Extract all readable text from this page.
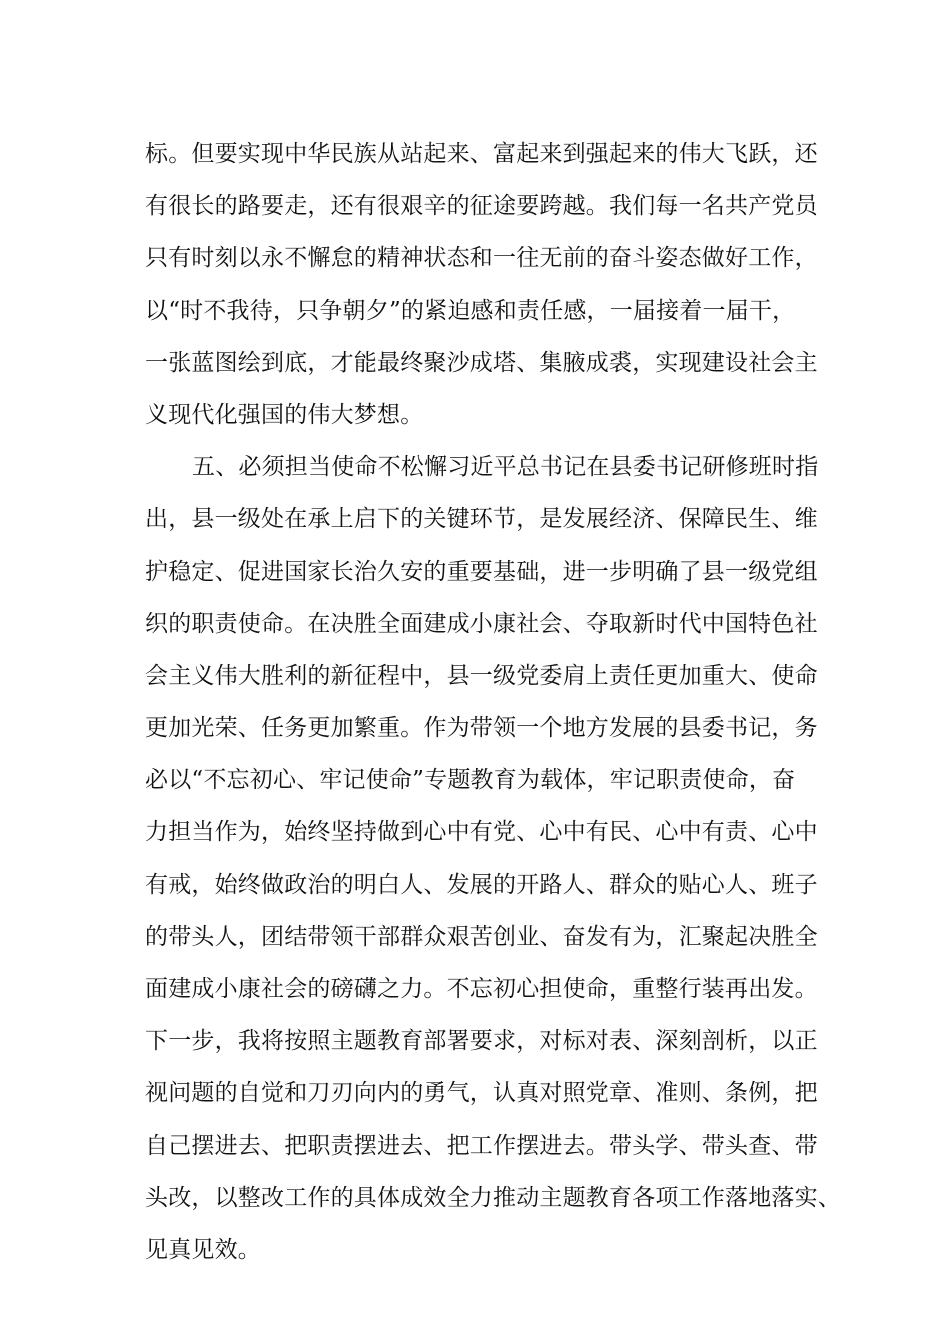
标。但要实现中华民族从站起来、富起来到强起来的伟大飞跃，还
有很长的路要走，还有很艰辛的征途要跨越。我们每一名共产党员
只有时刻以永不懈怠的精神状态和一往无前的奋斗姿态做好工作，
以“时不我待，只争朝夕”的紧迫感和责任感，一届接着一届干，
一张蓝图绘到底，才能最终聚沙成塔、集腋成裘，实现建设社会主
义现代化强国的伟大梦想。
五、必须担当使命不松懈习近平总书记在县委书记研修班时指
出，县一级处在承上启下的关键环节，是发展经济、保障民生、维
护稳定、促进国家长治久安的重要基础，进一步明确了县一级党组
织的职责使命。在决胜全面建成小康社会、夺取新时代中国特色社
会主义伟大胜利的新征程中，县一级党委肩上责任更加重大、使命
更加光荣、任务更加繁重。作为带领一个地方发展的县委书记，务
必以“不忘初心、牢记使命”专题教育为载体，牢记职责使命，奋
力担当作为，始终坚持做到心中有党、心中有民、心中有责、心中
有戒，始终做政治的明白人、发展的开路人、群众的贴心人、班子
的带头人，团结带领干部群众艰苦创业、奋发有为，汇聚起决胜全
面建成小康社会的磅礴之力。不忘初心担使命，重整行装再出发。
下一步，我将按照主题教育部署要求，对标对表、深刻剖析，以正
视问题的自觉和刀刃向内的勇气，认真对照党章、准则、条例，把
自己摆进去、把职责摆进去、把工作摆进去。带头学、带头查、带
头改，以整改工作的具体成效全力推动主题教育各项工作落地落实、
见真见效。
